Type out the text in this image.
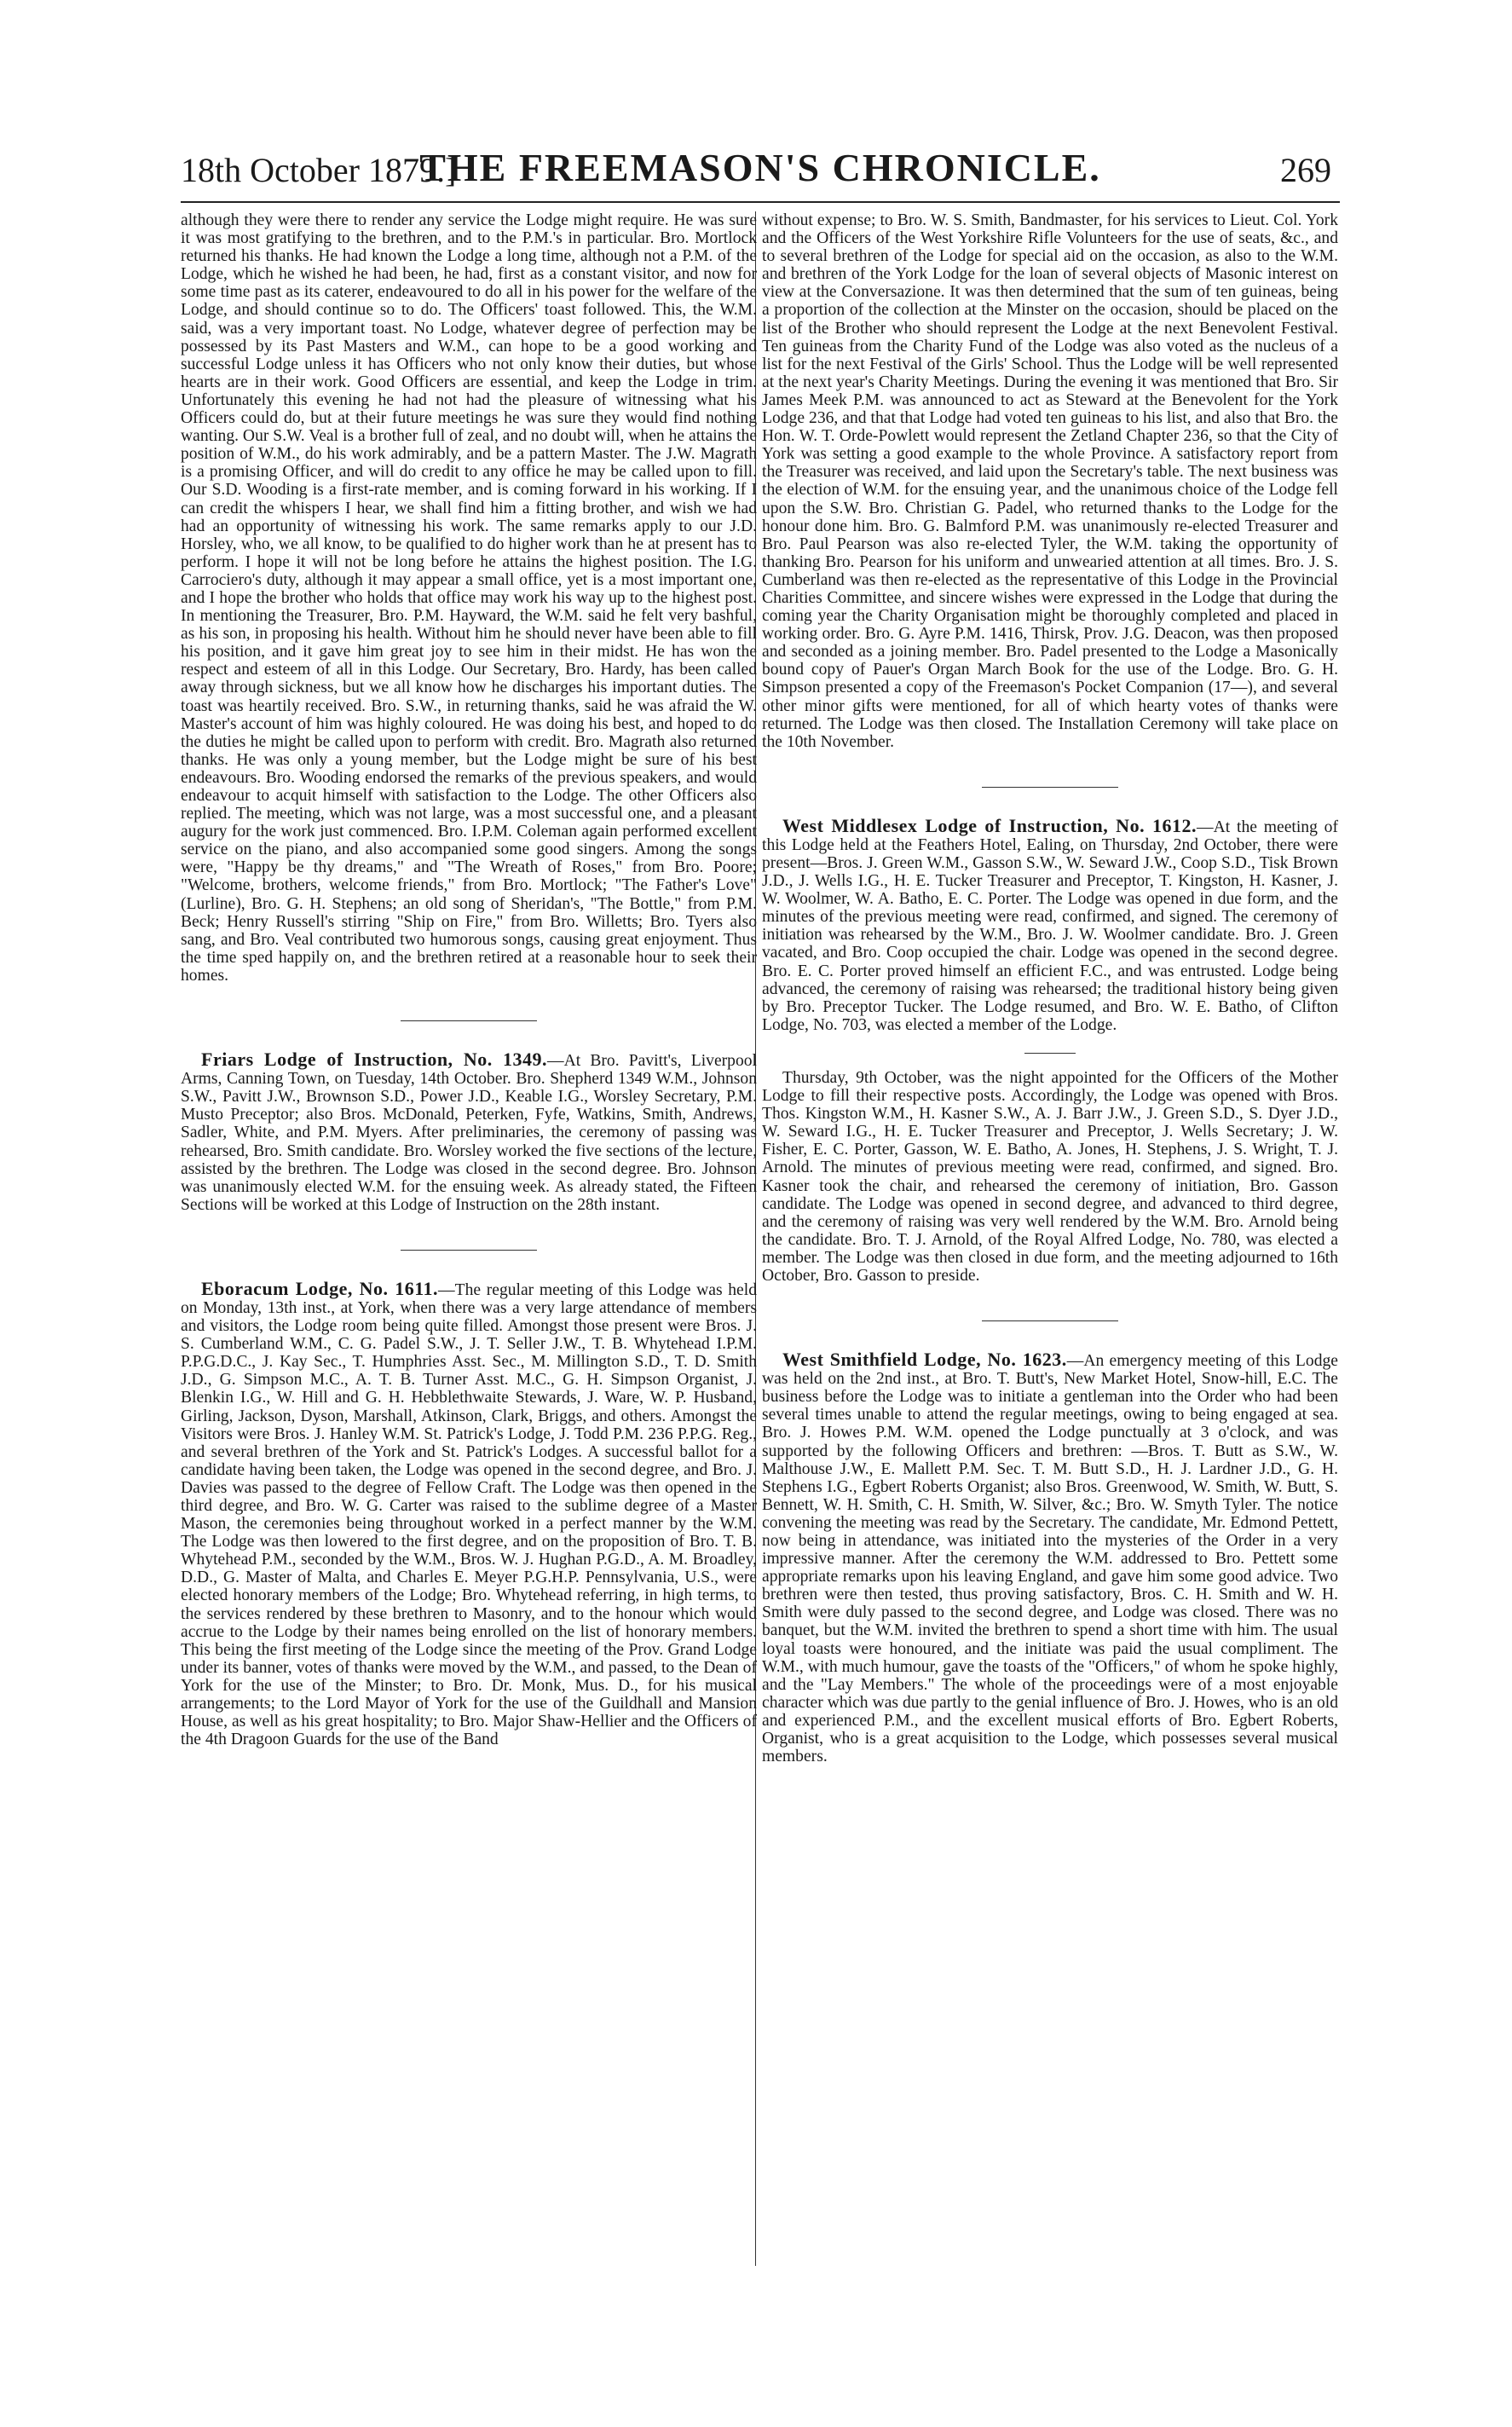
18th October 1879.]
THE FREEMASON'S CHRONICLE.	269

although they were there to render any service the Lodge might require. He was sure it was most gratifying to the brethren, and to the P.M.'s in particular. Bro. Mortlock returned his thanks. He had known the Lodge a long time, although not a P.M. of the Lodge, which he wished he had been, he had, first as a constant visitor, and now for some time past as its caterer, endeavoured to do all in his power for the welfare of the Lodge, and should continue so to do. The Officers' toast followed. This, the W.M. said, was a very important toast. No Lodge, whatever degree of perfection may be possessed by its Past Masters and W.M., can hope to be a good working and successful Lodge unless it has Officers who not only know their duties, but whose hearts are in their work. Good Officers are essential, and keep the Lodge in trim. Unfortunately this evening he had not had the pleasure of witnessing what his Officers could do, but at their future meetings he was sure they would find nothing wanting. Our S.W. Veal is a brother full of zeal, and no doubt will, when he attains the position of W.M., do his work admirably, and be a pattern Master. The J.W. Magrath is a promising Officer, and will do credit to any office he may be called upon to fill. Our S.D. Wooding is a first-rate member, and is coming forward in his working. If I can credit the whispers I hear, we shall find him a fitting brother, and wish we had had an opportunity of witnessing his work. The same remarks apply to our J.D. Horsley, who, we all know, to be qualified to do higher work than he at present has to perform. I hope it will not be long before he attains the highest position. The I.G. Carrociero's duty, although it may appear a small office, yet is a most important one, and I hope the brother who holds that office may work his way up to the highest post. In mentioning the Treasurer, Bro. P.M. Hayward, the W.M. said he felt very bashful, as his son, in proposing his health. Without him he should never have been able to fill his position, and it gave him great joy to see him in their midst. He has won the respect and esteem of all in this Lodge. Our Secretary, Bro. Hardy, has been called away through sickness, but we all know how he discharges his important duties. The toast was heartily received. Bro. S.W., in returning thanks, said he was afraid the W. Master's account of him was highly coloured. He was doing his best, and hoped to do the duties he might be called upon to perform with credit. Bro. Magrath also returned thanks. He was only a young member, but the Lodge might be sure of his best endeavours. Bro. Wooding endorsed the remarks of the previous speakers, and would endeavour to acquit himself with satisfaction to the Lodge. The other Officers also replied. The meeting, which was not large, was a most successful one, and a pleasant augury for the work just commenced. Bro. I.P.M. Coleman again performed excellent service on the piano, and also accompanied some good singers. Among the songs were, "Happy be thy dreams," and "The Wreath of Roses," from Bro. Poore; "Welcome, brothers, welcome friends," from Bro. Mortlock; "The Father's Love" (Lurline), Bro. G. H. Stephens; an old song of Sheridan's, "The Bottle," from P.M. Beck; Henry Russell's stirring "Ship on Fire," from Bro. Willetts; Bro. Tyers also sang, and Bro. Veal contributed two humorous songs, causing great enjoyment. Thus the time sped happily on, and the brethren retired at a reasonable hour to seek their homes.

Friars Lodge of Instruction, No. 1349.—At Bro. Pavitt's, Liverpool Arms, Canning Town, on Tuesday, 14th October. Bro. Shepherd 1349 W.M., Johnson S.W., Pavitt J.W., Brownson S.D., Power J.D., Keable I.G., Worsley Secretary, P.M. Musto Preceptor; also Bros. McDonald, Peterken, Fyfe, Watkins, Smith, Andrews, Sadler, White, and P.M. Myers. After preliminaries, the ceremony of passing was rehearsed, Bro. Smith candidate. Bro. Worsley worked the five sections of the lecture, assisted by the brethren. The Lodge was closed in the second degree. Bro. Johnson was unanimously elected W.M. for the ensuing week. As already stated, the Fifteen Sections will be worked at this Lodge of Instruction on the 28th instant.

Eboracum Lodge, No. 1611.—The regular meeting of this Lodge was held on Monday, 13th inst., at York, when there was a very large attendance of members and visitors, the Lodge room being quite filled. Amongst those present were Bros. J. S. Cumberland W.M., C. G. Padel S.W., J. T. Seller J.W., T. B. Whytehead I.P.M. P.P.G.D.C., J. Kay Sec., T. Humphries Asst. Sec., M. Millington S.D., T. D. Smith J.D., G. Simpson M.C., A. T. B. Turner Asst. M.C., G. H. Simpson Organist, J. Blenkin I.G., W. Hill and G. H. Hebblethwaite Stewards, J. Ware, W. P. Husband, Girling, Jackson, Dyson, Marshall, Atkinson, Clark, Briggs, and others. Amongst the Visitors were Bros. J. Hanley W.M. St. Patrick's Lodge, J. Todd P.M. 236 P.P.G. Reg., and several brethren of the York and St. Patrick's Lodges. A successful ballot for a candidate having been taken, the Lodge was opened in the second degree, and Bro. J. Davies was passed to the degree of Fellow Craft. The Lodge was then opened in the third degree, and Bro. W. G. Carter was raised to the sublime degree of a Master Mason, the ceremonies being throughout worked in a perfect manner by the W.M. The Lodge was then lowered to the first degree, and on the proposition of Bro. T. B. Whytehead P.M., seconded by the W.M., Bros. W. J. Hughan P.G.D., A. M. Broadley, D.D., G. Master of Malta, and Charles E. Meyer P.G.H.P. Pennsylvania, U.S., were elected honorary members of the Lodge; Bro. Whytehead referring, in high terms, to the services rendered by these brethren to Masonry, and to the honour which would accrue to the Lodge by their names being enrolled on the list of honorary members. This being the first meeting of the Lodge since the meeting of the Prov. Grand Lodge under its banner, votes of thanks were moved by the W.M., and passed, to the Dean of York for the use of the Minster; to Bro. Dr. Monk, Mus. D., for his musical arrangements; to the Lord Mayor of York for the use of the Guildhall and Mansion House, as well as his great hospitality; to Bro. Major Shaw-Hellier and the Officers of the 4th Dragoon Guards for the use of the Band

without expense; to Bro. W. S. Smith, Bandmaster, for his services to Lieut. Col. York and the Officers of the West Yorkshire Rifle Volunteers for the use of seats, &c., and to several brethren of the Lodge for special aid on the occasion, as also to the W.M. and brethren of the York Lodge for the loan of several objects of Masonic interest on view at the Conversazione. It was then determined that the sum of ten guineas, being a proportion of the collection at the Minster on the occasion, should be placed on the list of the Brother who should represent the Lodge at the next Benevolent Festival. Ten guineas from the Charity Fund of the Lodge was also voted as the nucleus of a list for the next Festival of the Girls' School. Thus the Lodge will be well represented at the next year's Charity Meetings. During the evening it was mentioned that Bro. Sir James Meek P.M. was announced to act as Steward at the Benevolent for the York Lodge 236, and that that Lodge had voted ten guineas to his list, and also that Bro. the Hon. W. T. Orde-Powlett would represent the Zetland Chapter 236, so that the City of York was setting a good example to the whole Province. A satisfactory report from the Treasurer was received, and laid upon the Secretary's table. The next business was the election of W.M. for the ensuing year, and the unanimous choice of the Lodge fell upon the S.W. Bro. Christian G. Padel, who returned thanks to the Lodge for the honour done him. Bro. G. Balmford P.M. was unanimously re-elected Treasurer and Bro. Paul Pearson was also re-elected Tyler, the W.M. taking the opportunity of thanking Bro. Pearson for his uniform and unwearied attention at all times. Bro. J. S. Cumberland was then re-elected as the representative of this Lodge in the Provincial Charities Committee, and sincere wishes were expressed in the Lodge that during the coming year the Charity Organisation might be thoroughly completed and placed in working order. Bro. G. Ayre P.M. 1416, Thirsk, Prov. J.G. Deacon, was then proposed and seconded as a joining member. Bro. Padel presented to the Lodge a Masonically bound copy of Pauer's Organ March Book for the use of the Lodge. Bro. G. H. Simpson presented a copy of the Freemason's Pocket Companion (17—), and several other minor gifts were mentioned, for all of which hearty votes of thanks were returned. The Lodge was then closed. The Installation Ceremony will take place on the 10th November.

West Middlesex Lodge of Instruction, No. 1612.—At the meeting of this Lodge held at the Feathers Hotel, Ealing, on Thursday, 2nd October, there were present—Bros. J. Green W.M., Gasson S.W., W. Seward J.W., Coop S.D., Tisk Brown J.D., J. Wells I.G., H. E. Tucker Treasurer and Preceptor, T. Kingston, H. Kasner, J. W. Woolmer, W. A. Batho, E. C. Porter. The Lodge was opened in due form, and the minutes of the previous meeting were read, confirmed, and signed. The ceremony of initiation was rehearsed by the W.M., Bro. J. W. Woolmer candidate. Bro. J. Green vacated, and Bro. Coop occupied the chair. Lodge was opened in the second degree. Bro. E. C. Porter proved himself an efficient F.C., and was entrusted. Lodge being advanced, the ceremony of raising was rehearsed; the traditional history being given by Bro. Preceptor Tucker. The Lodge resumed, and Bro. W. E. Batho, of Clifton Lodge, No. 703, was elected a member of the Lodge.

Thursday, 9th October, was the night appointed for the Officers of the Mother Lodge to fill their respective posts. Accordingly, the Lodge was opened with Bros. Thos. Kingston W.M., H. Kasner S.W., A. J. Barr J.W., J. Green S.D., S. Dyer J.D., W. Seward I.G., H. E. Tucker Treasurer and Preceptor, J. Wells Secretary; J. W. Fisher, E. C. Porter, Gasson, W. E. Batho, A. Jones, H. Stephens, J. S. Wright, T. J. Arnold. The minutes of previous meeting were read, confirmed, and signed. Bro. Kasner took the chair, and rehearsed the ceremony of initiation, Bro. Gasson candidate. The Lodge was opened in second degree, and advanced to third degree, and the ceremony of raising was very well rendered by the W.M. Bro. Arnold being the candidate. Bro. T. J. Arnold, of the Royal Alfred Lodge, No. 780, was elected a member. The Lodge was then closed in due form, and the meeting adjourned to 16th October, Bro. Gasson to preside.

West Smithfield Lodge, No. 1623.—An emergency meeting of this Lodge was held on the 2nd inst., at Bro. T. Butt's, New Market Hotel, Snow-hill, E.C. The business before the Lodge was to initiate a gentleman into the Order who had been several times unable to attend the regular meetings, owing to being engaged at sea. Bro. J. Howes P.M. W.M. opened the Lodge punctually at 3 o'clock, and was supported by the following Officers and brethren: —Bros. T. Butt as S.W., W. Malthouse J.W., E. Mallett P.M. Sec. T. M. Butt S.D., H. J. Lardner J.D., G. H. Stephens I.G., Egbert Roberts Organist; also Bros. Greenwood, W. Smith, W. Butt, S. Bennett, W. H. Smith, C. H. Smith, W. Silver, &c.; Bro. W. Smyth Tyler. The notice convening the meeting was read by the Secretary. The candidate, Mr. Edmond Pettett, now being in attendance, was initiated into the mysteries of the Order in a very impressive manner. After the ceremony the W.M. addressed to Bro. Pettett some appropriate remarks upon his leaving England, and gave him some good advice. Two brethren were then tested, thus proving satisfactory, Bros. C. H. Smith and W. H. Smith were duly passed to the second degree, and Lodge was closed. There was no banquet, but the W.M. invited the brethren to spend a short time with him. The usual loyal toasts were honoured, and the initiate was paid the usual compliment. The W.M., with much humour, gave the toasts of the "Officers," of whom he spoke highly, and the "Lay Members." The whole of the proceedings were of a most enjoyable character which was due partly to the genial influence of Bro. J. Howes, who is an old and experienced P.M., and the excellent musical efforts of Bro. Egbert Roberts, Organist, who is a great acquisition to the Lodge, which possesses several musical members.
